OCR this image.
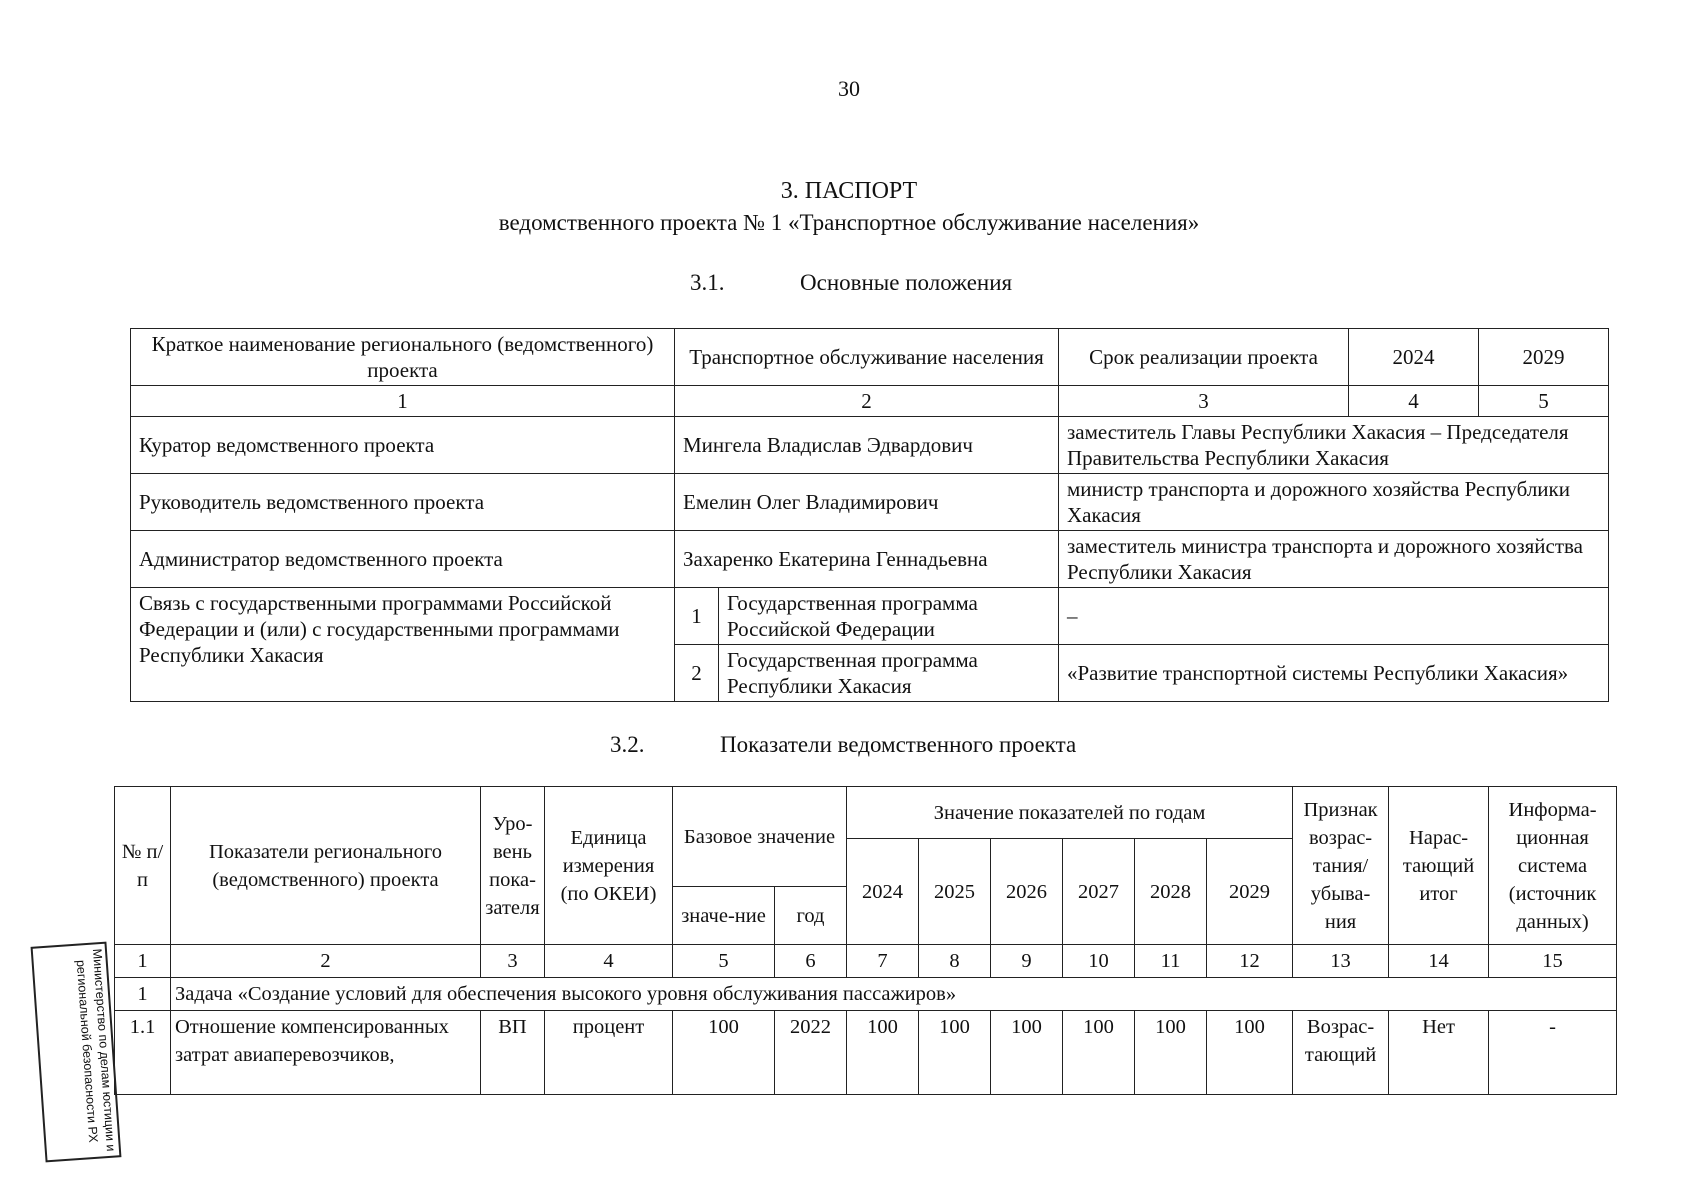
30
3. ПАСПОРТ
ведомственного проекта № 1 «Транспортное обслуживание населения»
3.1.	Основные положения
Краткое наименование регионального (ведомственного) проекта	Транспортное обслуживание населения		Срок реализации проекта	2024	2029
1	2		3	4	5
Куратор ведомственного проекта	Мингела Владислав Эдвардович		заместитель Главы Республики Хакасия – Председателя Правительства Республики Хакасия		
Руководитель ведомственного проекта	Емелин Олег Владимирович		министр транспорта и дорожного хозяйства Республики Хакасия		
Администратор ведомственного проекта	Захаренко Екатерина Геннадьевна		заместитель министра транспорта и дорожного хозяйства Республики Хакасия		
Связь с государственными программами Российской Федерации и (или) с государственными программами Республики Хакасия	1	Государственная программа Российской Федерации	–		
	2	Государственная программа Республики Хакасия	«Развитие транспортной системы Республики Хакасия»		
3.2.	Показатели ведомственного проекта
№ п/п	Показатели регионального (ведомственного) проекта	Уро-вень пока-зателя	Единица измерения (по ОКЕИ)	Базовое значение		Значение показателей по годам						Признак возрас-тания/ убыва-ния	Нарас-тающий итог	Информа-ционная система (источник данных)
						2024	2025	2026	2027	2028	2029			
				значе-ние	год									
1	2	3	4	5	6	7	8	9	10	11	12	13	14	15
1	Задача «Создание условий для обеспечения высокого уровня обслуживания пассажиров»													
1.1	Отношение компенсированных затрат авиаперевозчиков,	ВП	процент	100	2022	100	100	100	100	100	100	Возрас-тающий	Нет	-
Министерство по делам юстиции и региональной безопасности РХ
